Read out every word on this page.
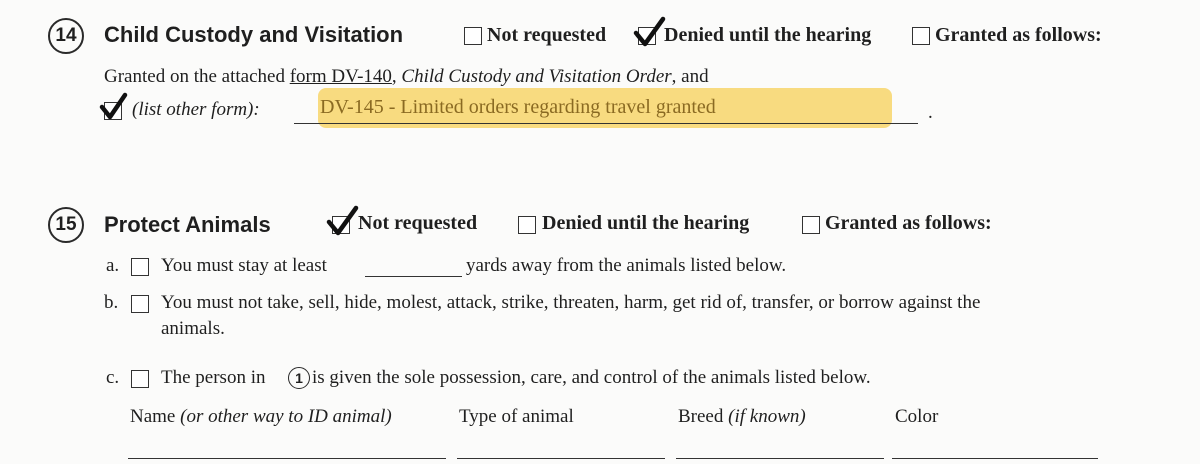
14	Child Custody and Visitation	Not requested	Denied until the hearing	Granted as follows:
Granted on the attached form DV-140, Child Custody and Visitation Order, and
(list other form):	DV-145 - Limited orders regarding travel granted	.
15	Protect Animals	Not requested	Denied until the hearing	Granted as follows:
a. You must stay at least	yards away from the animals listed below.
b. You must not take, sell, hide, molest, attack, strike, threaten, harm, get rid of, transfer, or borrow against the
animals.
c. The person in	1 is given the sole possession, care, and control of the animals listed below.
Name (or other way to ID animal)	Type of animal	Breed (if known)	Color
